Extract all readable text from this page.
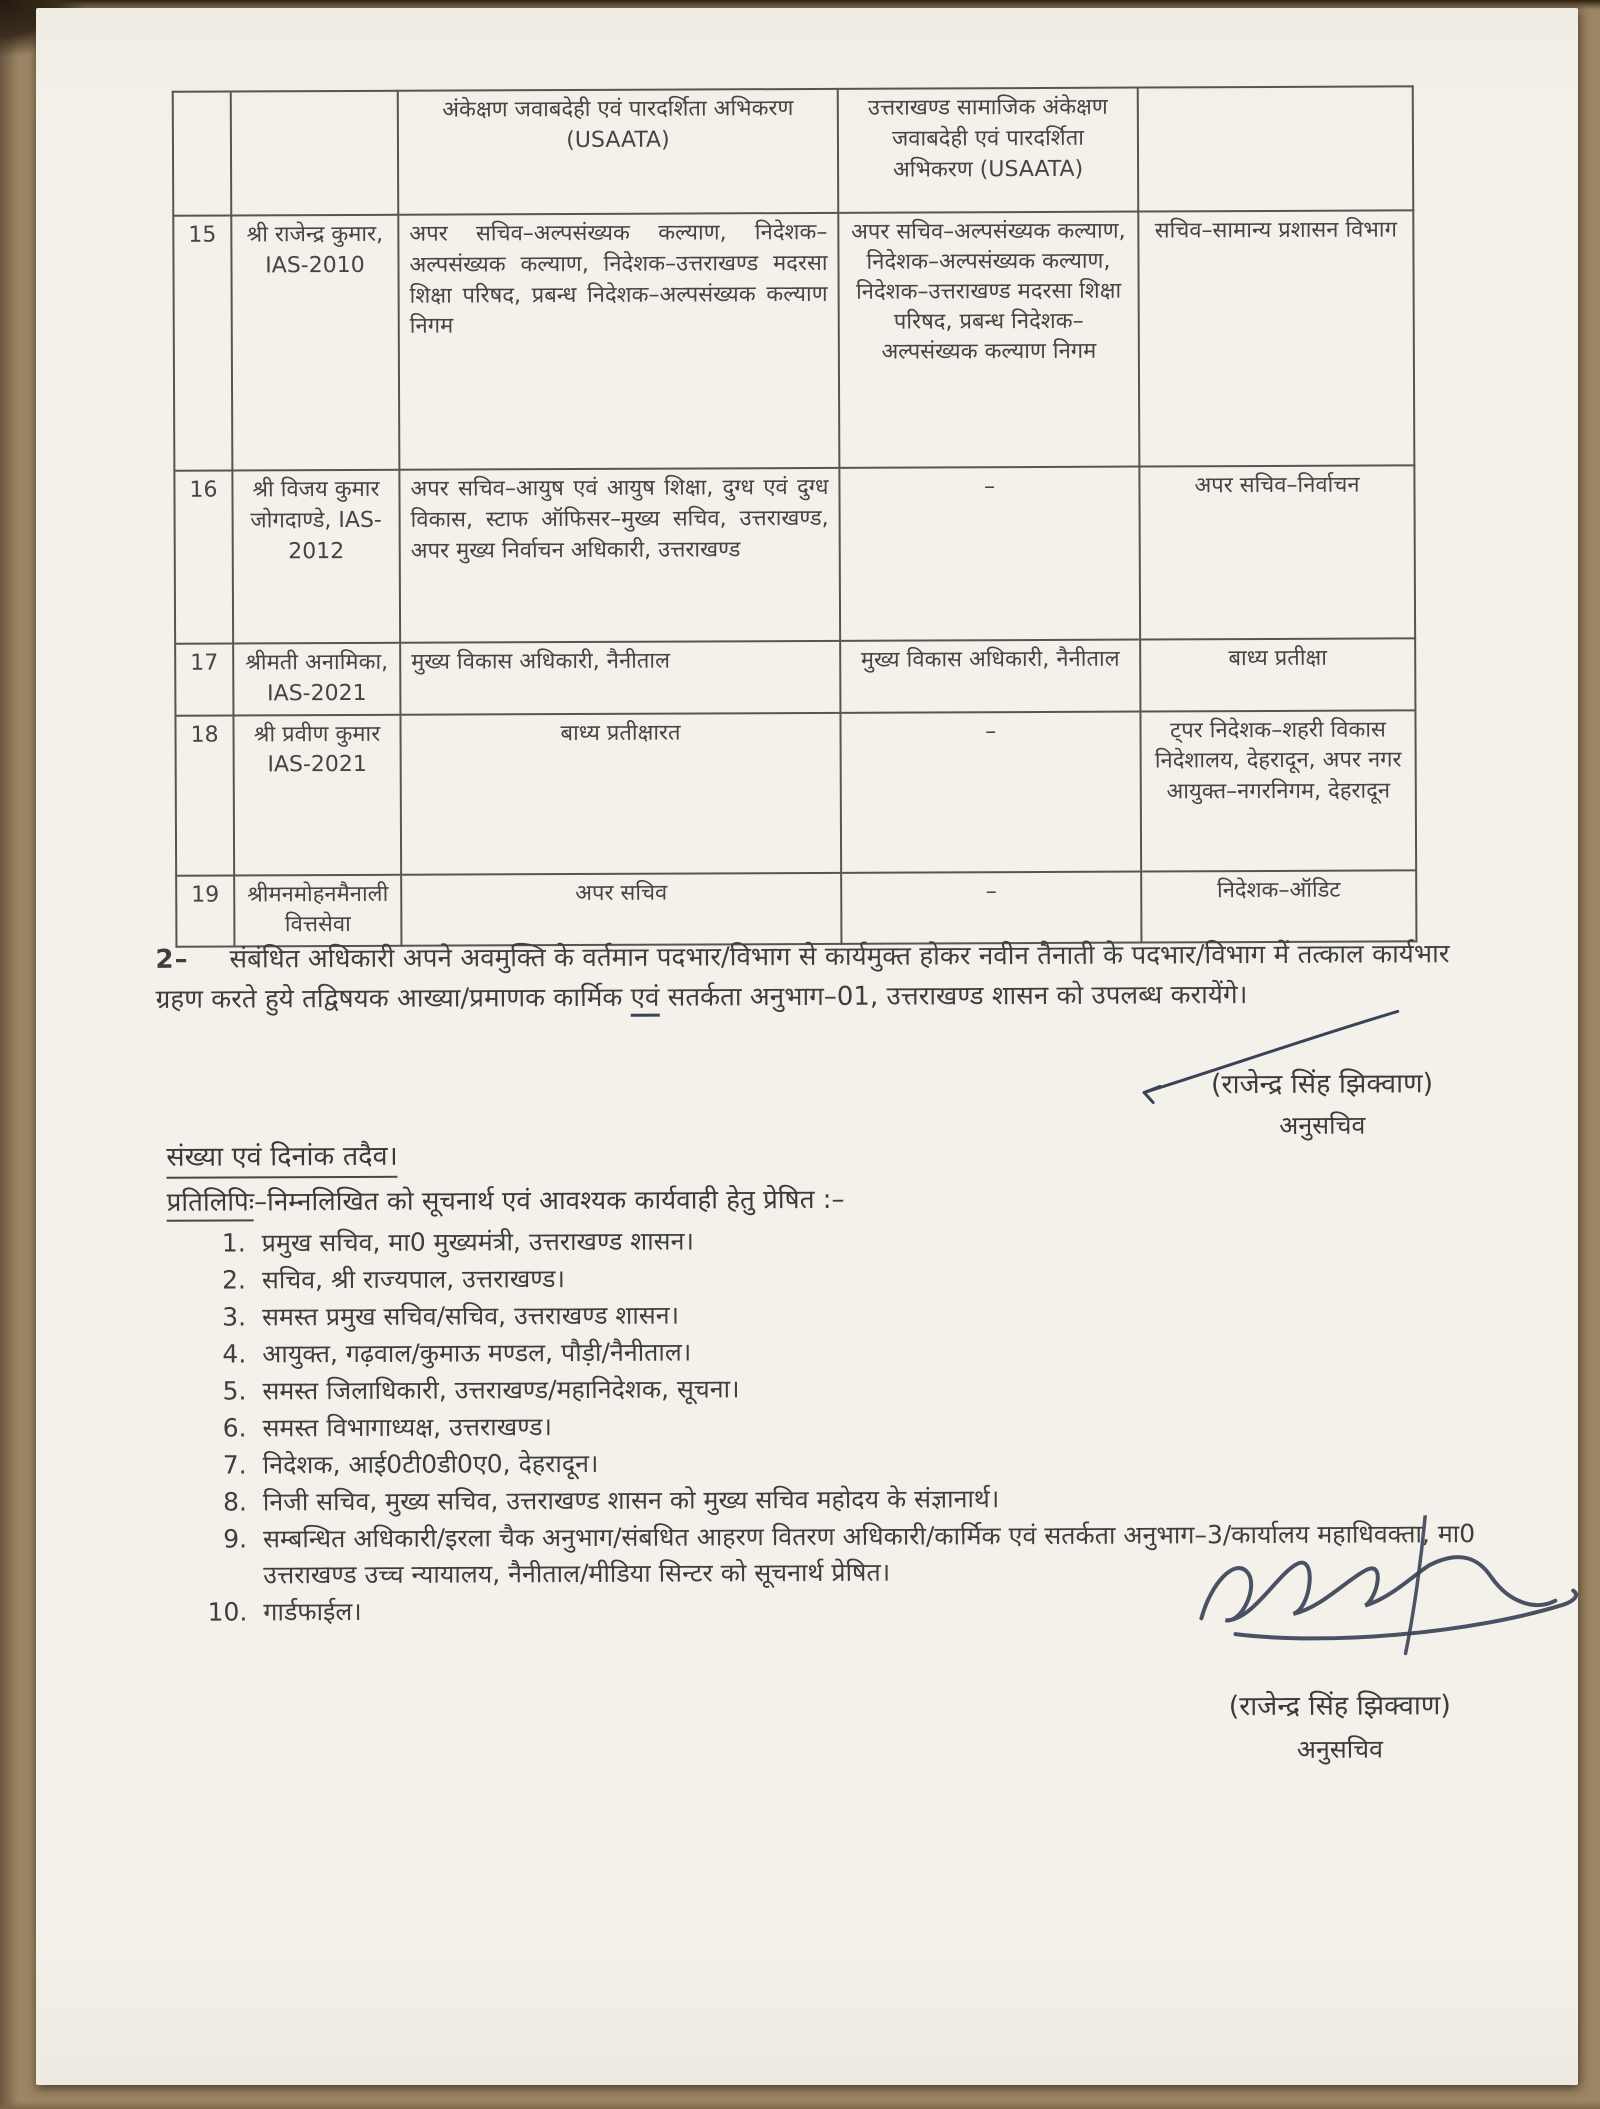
		अंकेक्षण जवाबदेही एवं पारदर्शिता अभिकरण (USAATA)	उत्तराखण्ड सामाजिक अंकेक्षण जवाबदेही एवं पारदर्शिता अभिकरण (USAATA)	
15	श्री राजेन्द्र कुमार, IAS-2010	अपर सचिव–अल्पसंख्यक कल्याण, निदेशक–अल्पसंख्यक कल्याण, निदेशक–उत्तराखण्ड मदरसा शिक्षा परिषद, प्रबन्ध निदेशक–अल्पसंख्यक कल्याण निगम	अपर सचिव–अल्पसंख्यक कल्याण, निदेशक–अल्पसंख्यक कल्याण, निदेशक–उत्तराखण्ड मदरसा शिक्षा परिषद, प्रबन्ध निदेशक–अल्पसंख्यक कल्याण निगम	सचिव–सामान्य प्रशासन विभाग
16	श्री विजय कुमार जोगदाण्डे, IAS-2012	अपर सचिव–आयुष एवं आयुष शिक्षा, दुग्ध एवं दुग्ध विकास, स्टाफ ऑफिसर–मुख्य सचिव, उत्तराखण्ड, अपर मुख्य निर्वाचन अधिकारी, उत्तराखण्ड	–	अपर सचिव–निर्वाचन
17	श्रीमती अनामिका, IAS-2021	मुख्य विकास अधिकारी, नैनीताल	मुख्य विकास अधिकारी, नैनीताल	बाध्य प्रतीक्षा
18	श्री प्रवीण कुमार IAS-2021	बाध्य प्रतीक्षारत	–	ट्पर निदेशक–शहरी विकास निदेशालय, देहरादून, अपर नगर आयुक्त–नगरनिगम, देहरादून
19	श्रीमनमोहनमैनाली वित्तसेवा	अपर सचिव	–	निदेशक–ऑडिट
2– संबंधित अधिकारी अपने अवमुक्ति के वर्तमान पदभार/विभाग से कार्यमुक्त होकर नवीन तैनाती के पदभार/विभाग में तत्काल कार्यभार ग्रहण करते हुये तद्विषयक आख्या/प्रमाणक कार्मिक एवं सतर्कता अनुभाग–01, उत्तराखण्ड शासन को उपलब्ध करायेंगे।
(राजेन्द्र सिंह झिक्वाण)
अनुसचिव
संख्या एवं दिनांक तदैव।
प्रतिलिपिः–निम्नलिखित को सूचनार्थ एवं आवश्यक कार्यवाही हेतु प्रेषित :–
1. प्रमुख सचिव, मा0 मुख्यमंत्री, उत्तराखण्ड शासन।
2. सचिव, श्री राज्यपाल, उत्तराखण्ड।
3. समस्त प्रमुख सचिव/सचिव, उत्तराखण्ड शासन।
4. आयुक्त, गढ़वाल/कुमाऊ मण्डल, पौड़ी/नैनीताल।
5. समस्त जिलाधिकारी, उत्तराखण्ड/महानिदेशक, सूचना।
6. समस्त विभागाध्यक्ष, उत्तराखण्ड।
7. निदेशक, आई0टी0डी0ए0, देहरादून।
8. निजी सचिव, मुख्य सचिव, उत्तराखण्ड शासन को मुख्य सचिव महोदय के संज्ञानार्थ।
9. सम्बन्धित अधिकारी/इरला चैक अनुभाग/संबधित आहरण वितरण अधिकारी/कार्मिक एवं सतर्कता अनुभाग–3/कार्यालय महाधिवक्ता, मा0 उत्तराखण्ड उच्च न्यायालय, नैनीताल/मीडिया सिन्टर को सूचनार्थ प्रेषित।
10. गार्डफाईल।
(राजेन्द्र सिंह झिक्वाण)
अनुसचिव
